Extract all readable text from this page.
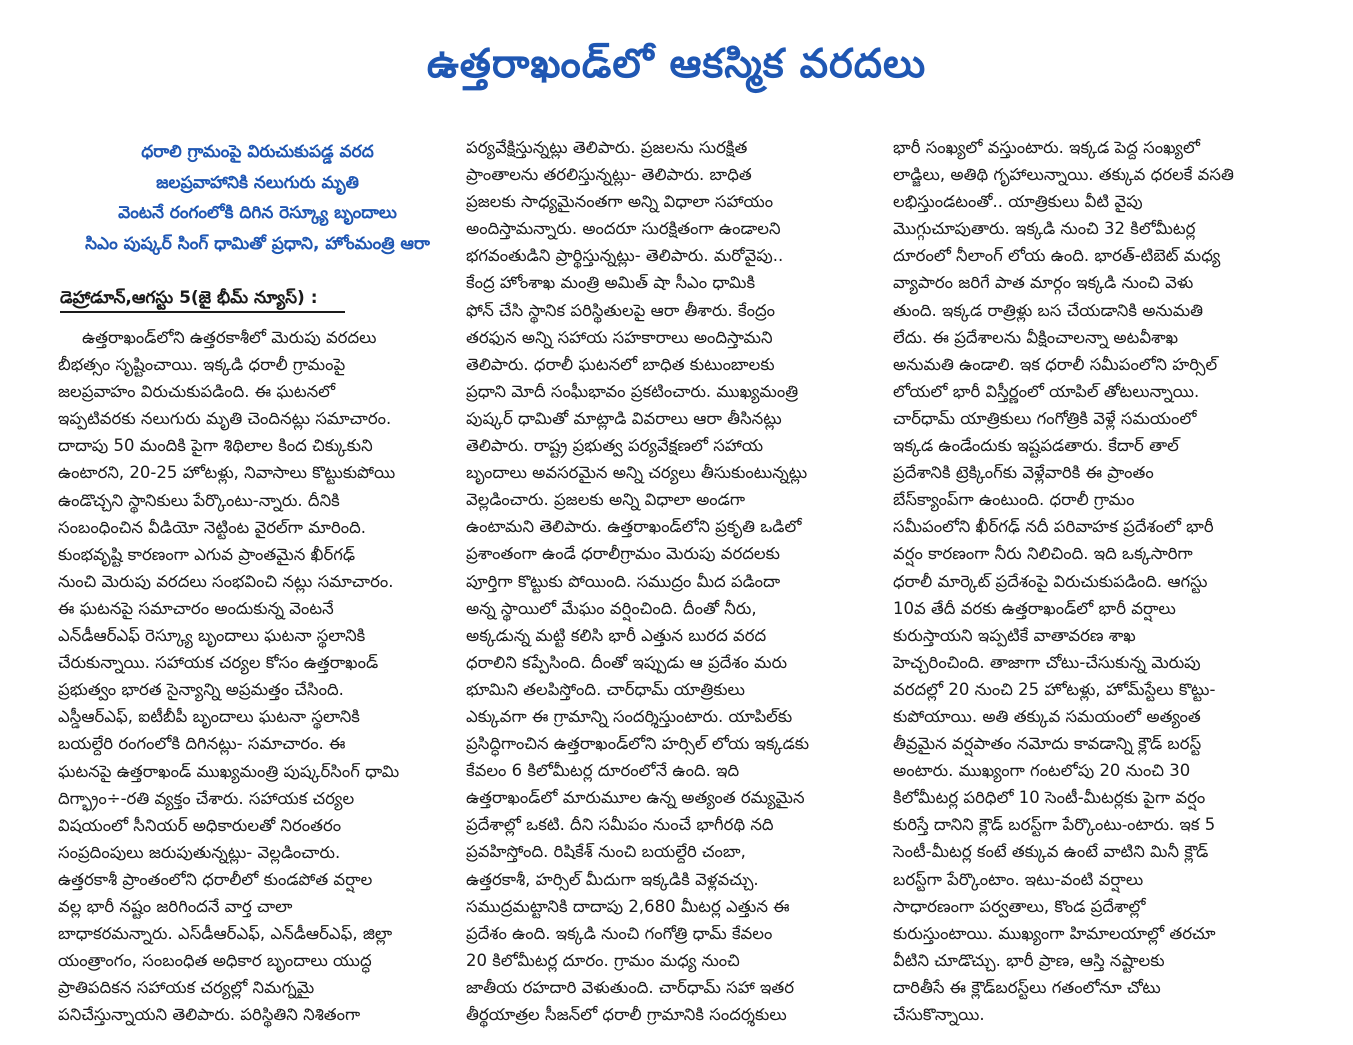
ఉత్తరాఖండ్‌లో ఆకస్మిక వరదలు
ధరాలి గ్రామంపై విరుచుకుపడ్డ వరద
జలప్రవాహానికి నలుగురు మృతి
వెంటనే రంగంలోకి దిగిన రెస్క్యూ బృందాలు
సిఎం పుష్కర్ సింగ్ ధామితో ప్రధాని, హోంమంత్రి ఆరా
డెహ్రాడూన్,ఆగస్టు 5(జై భీమ్ న్యూస్) :
ఉత్తరాఖండ్‌లోని ఉత్తరకాశీలో మెరుపు వరదలు
బీభత్సం సృష్టించాయి. ఇక్కడి ధరాలీ గ్రామంపై
జలప్రవాహం విరుచుకుపడింది. ఈ ఘటనలో
ఇప్పటివరకు నలుగురు మృతి చెందినట్లు సమాచారం.
దాదాపు 50 మందికి పైగా శిథిలాల కింద చిక్కుకుని
ఉంటారని, 20-25 హోటళ్లు, నివాసాలు కొట్టుకుపోయి
ఉండొచ్చని స్థానికులు పేర్కొంటు-న్నారు. దీనికి
సంబంధించిన వీడియో నెట్టింట వైరల్‌గా మారింది.
కుంభవృష్టి కారణంగా ఎగువ ప్రాంతమైన ఖీర్‌గఢ్
నుంచి మెరుపు వరదలు సంభవించి నట్లు సమాచారం.
ఈ ఘటనపై సమాచారం అందుకున్న వెంటనే
ఎన్‌డీఆర్‌ఎఫ్ రెస్క్యూ బృందాలు ఘటనా స్థలానికి
చేరుకున్నాయి. సహాయక చర్యల కోసం ఉత్తరాఖండ్
ప్రభుత్వం భారత సైన్యాన్ని అప్రమత్తం చేసింది.
ఎస్డీఆర్‌ఎఫ్, ఐటీబీపీ బృందాలు ఘటనా స్థలానికి
బయల్దేరి రంగంలోకి దిగినట్లు- సమాచారం. ఈ
ఘటనపై ఉత్తరాఖండ్ ముఖ్యమంత్రి పుష్కర్‌సింగ్ ధామి
దిగ్భ్రాం÷-రతి వ్యక్తం చేశారు. సహాయక చర్యల
విషయంలో సీనియర్ అధికారులతో నిరంతరం
సంప్రదింపులు జరుపుతున్నట్లు- వెల్లడించారు.
ఉత్తరకాశీ ప్రాంతంలోని ధరాలీలో కుండపోత వర్షాల
వల్ల భారీ నష్టం జరిగిందనే వార్త చాలా
బాధాకరమన్నారు. ఎస్‌డీఆర్‌ఎఫ్, ఎన్‌డీఆర్‌ఎఫ్, జిల్లా
యంత్రాంగం, సంబంధిత అధికార బృందాలు యుద్ధ
ప్రాతిపదికన సహాయక చర్యల్లో నిమగ్నమై
పనిచేస్తున్నాయని తెలిపారు. పరిస్థితిని నిశితంగా
పర్యవేక్షిస్తున్నట్లు తెలిపారు. ప్రజలను సురక్షిత
ప్రాంతాలను తరలిస్తున్నట్లు- తెలిపారు. బాధిత
ప్రజలకు సాధ్యమైనంతగా అన్ని విధాలా సహాయం
అందిస్తామన్నారు. అందరూ సురక్షితంగా ఉండాలని
భగవంతుడిని ప్రార్థిస్తున్నట్లు- తెలిపారు. మరోవైపు..
కేంద్ర హోంశాఖ మంత్రి అమిత్ షా సీఎం ధామికి
ఫోన్ చేసి స్థానిక పరిస్థితులపై ఆరా తీశారు. కేంద్రం
తరఫున అన్ని సహాయ సహకారాలు అందిస్తామని
తెలిపారు. ధరాలీ ఘటనలో బాధిత కుటుంబాలకు
ప్రధాని మోదీ సంఘీభావం ప్రకటించారు. ముఖ్యమంత్రి
పుష్కర్ ధామితో మాట్లాడి వివరాలు ఆరా తీసినట్లు
తెలిపారు. రాష్ట్ర ప్రభుత్వ పర్యవేక్షణలో సహాయ
బృందాలు అవసరమైన అన్ని చర్యలు తీసుకుంటున్నట్లు
వెల్లడించారు. ప్రజలకు అన్ని విధాలా అండగా
ఉంటామని తెలిపారు. ఉత్తరాఖండ్‌లోని ప్రకృతి ఒడిలో
ప్రశాంతంగా ఉండే ధరాలీగ్రామం మెరుపు వరదలకు
పూర్తిగా కొట్టుకు పోయింది. సముద్రం మీద పడిందా
అన్న స్థాయిలో మేఘం వర్షించింది. దీంతో నీరు,
అక్కడున్న మట్టి కలిసి భారీ ఎత్తున బురద వరద
ధరాలిని కప్పేసింది. దీంతో ఇప్పుడు ఆ ప్రదేశం మరు
భూమిని తలపిస్తోంది. చార్‌ధామ్ యాత్రికులు
ఎక్కువగా ఈ గ్రామాన్ని సందర్శిస్తుంటారు. యాపిల్‌కు
ప్రసిద్ధిగాంచిన ఉత్తరాఖండ్‌లోని హర్సిల్ లోయ ఇక్కడకు
కేవలం 6 కిలోమీటర్ల దూరంలోనే ఉంది. ఇది
ఉత్తరాఖండ్‌లో మారుమూల ఉన్న అత్యంత రమ్యమైన
ప్రదేశాల్లో ఒకటి. దీని సమీపం నుంచే భాగీరథి నది
ప్రవహిస్తోంది. రిషికేశ్ నుంచి బయల్దేరి చంబా,
ఉత్తరకాశీ, హర్సిల్ మీదుగా ఇక్కడికి వెళ్లవచ్చు.
సముద్రమట్టానికి దాదాపు 2,680 మీటర్ల ఎత్తున ఈ
ప్రదేశం ఉంది. ఇక్కడి నుంచి గంగోత్రి ధామ్ కేవలం
20 కిలోమీటర్ల దూరం. గ్రామం మధ్య నుంచి
జాతీయ రహదారి వెళుతుంది. చార్‌ధామ్ సహా ఇతర
తీర్థయాత్రల సీజన్‌లో ధరాలీ గ్రామానికి సందర్శకులు
భారీ సంఖ్యలో వస్తుంటారు. ఇక్కడ పెద్ద సంఖ్యలో
లాడ్జిలు, అతిథి గృహాలున్నాయి. తక్కువ ధరలకే వసతి
లభిస్తుండటంతో.. యాత్రికులు వీటి వైపు
మొగ్గుచూపుతారు. ఇక్కడి నుంచి 32 కిలోమీటర్ల
దూరంలో నీలాంగ్ లోయ ఉంది. భారత్-టిబెట్ మధ్య
వ్యాపారం జరిగే పాత మార్గం ఇక్కడి నుంచి వెళు
తుంది. ఇక్కడ రాత్రిళ్లు బస చేయడానికి అనుమతి
లేదు. ఈ ప్రదేశాలను వీక్షించాలన్నా అటవీశాఖ
అనుమతి ఉండాలి. ఇక ధరాలీ సమీపంలోని హర్సిల్
లోయలో భారీ విస్తీర్ణంలో యాపిల్ తోటలున్నాయి.
చార్‌ధామ్ యాత్రికులు గంగోత్రికి వెళ్లే సమయంలో
ఇక్కడ ఉండేందుకు ఇష్టపడతారు. కేదార్ తాల్
ప్రదేశానికి ట్రెక్కింగ్‌కు వెళ్లేవారికి ఈ ప్రాంతం
బేస్‌క్యాంప్‌గా ఉంటుంది. ధరాలీ గ్రామం
సమీపంలోని ఖీర్‌గఢ్ నదీ పరివాహక ప్రదేశంలో భారీ
వర్షం కారణంగా నీరు నిలిచింది. ఇది ఒక్కసారిగా
ధరాలీ మార్కెట్ ప్రదేశంపై విరుచుకుపడింది. ఆగస్టు
10వ తేదీ వరకు ఉత్తరాఖండ్‌లో భారీ వర్షాలు
కురుస్తాయని ఇప్పటికే వాతావరణ శాఖ
హెచ్చరించింది. తాజాగా చోటు-చేసుకున్న మెరుపు
వరదల్లో 20 నుంచి 25 హోటళ్లు, హోమ్‌స్టేలు కొట్టు-
కుపోయాయి. అతి తక్కువ సమయంలో అత్యంత
తీవ్రమైన వర్షపాతం నమోదు కావడాన్ని క్లౌడ్ బరస్ట్
అంటారు. ముఖ్యంగా గంటలోపు 20 నుంచి 30
కిలోమీటర్ల పరిధిలో 10 సెంటీ-మీటర్లకు పైగా వర్షం
కురిస్తే దానిని క్లౌడ్ బరస్ట్‌గా పేర్కొంటు-ంటారు. ఇక 5
సెంటీ-మీటర్ల కంటే తక్కువ ఉంటే వాటిని మినీ క్లౌడ్
బరస్ట్‌గా పేర్కొంటాం. ఇటు-వంటి వర్షాలు
సాధారణంగా పర్వతాలు, కొండ ప్రదేశాల్లో
కురుస్తుంటాయి. ముఖ్యంగా హిమాలయాల్లో తరచూ
వీటిని చూడొచ్చు. భారీ ప్రాణ, ఆస్తి నష్టాలకు
దారితీసే ఈ క్లౌడ్‌బరస్ట్‌లు గతంలోనూ చోటు
చేసుకొన్నాయి.
